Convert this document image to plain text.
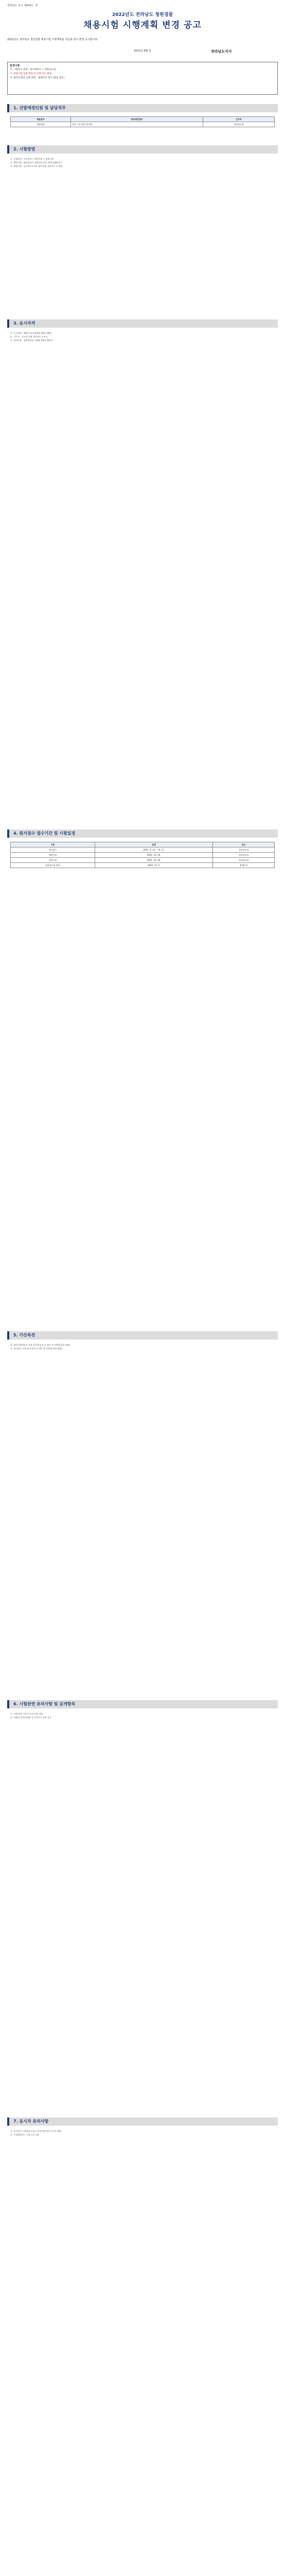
전라남도 공고 제2021 - 호
2022년도 전라남도 청원경찰
채용시험 시행계획 변경 공고
2021년도 전라남도 청원경찰 채용시험 시행계획을 다음과 같이 변경 공고합니다.
2021년 9월 일	전라남도지사
변경사항
가. 시험장소 변경 : 목포대학교 → 전라남도청
나. 면접시험 일정 변경 및 면접 장소 변경
다. 합격자 발표 일정 변경 : 홈페이지 게시 (붙임 참조)
1. 선발예정인원 및 담당직무
채용분야	담당예정업무	근무처
청원경찰	청사 시설 경비 및 방호	전라남도청
2. 시험방법
가. 시험단계 : 서류전형 → 체력시험 → 면접시험
나. 체력시험 : 팔굽혀펴기, 윗몸일으키기, 왕복오래달리기
다. 면접시험 : 공무원으로서의 정신자세, 전문지식 등 평정
3. 응시자격
가. 응시연령 : 18세 이상 (병역법 제2조 해당)
나. 거주지 : 공고일 현재 전라남도 주소지
다. 결격사유 : 청원경찰법 시행령 제3조 해당자
4. 원서접수 접수기간 및 시험일정
구분	일정	장소
원서접수	2021. 9. 13. ~ 9. 17.	전라남도청
체력시험	2021. 10. 16.	전라남도청
면접시험	2021. 10. 30.	전라남도청
최종합격자 발표	2021. 11. 5.	홈페이지
5. 가산특전
가. 취업지원대상자 가점 (국가유공자 등 예우 및 지원에 관한 법률)
나. 의사상자 가점 (의사상자 등 예우 및 지원에 관한 법률)
6. 시험관련 유의사항 및 공개항목
가. 시험 당일 신분증 및 응시표 지참
나. 시험장 내 휴대전화 등 전자기기 사용 금지
7. 응시자 유의사항
가. 응시원서 기재사항 오류로 인한 불이익은 응시자 책임
나. 부정행위자는 시험 무효 처리
